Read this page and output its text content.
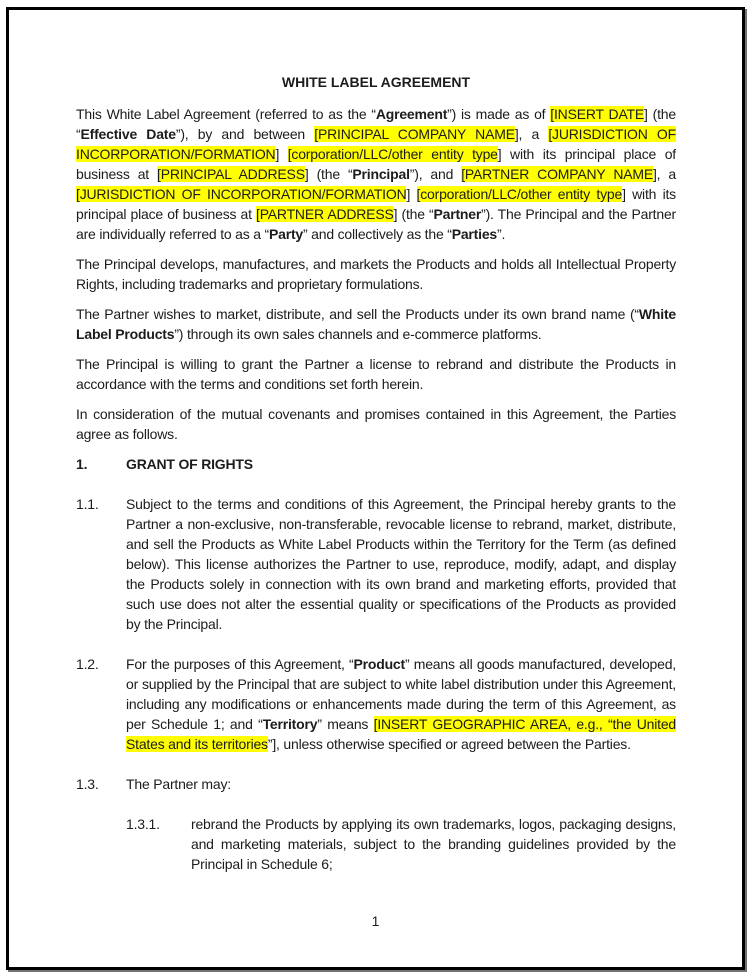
WHITE LABEL AGREEMENT
This White Label Agreement (referred to as the “Agreement”) is made as of [INSERT DATE] (the “Effective Date”), by and between [PRINCIPAL COMPANY NAME], a [JURISDICTION OF INCORPORATION/FORMATION] [corporation/LLC/other entity type] with its principal place of business at [PRINCIPAL ADDRESS] (the “Principal”), and [PARTNER COMPANY NAME], a [JURISDICTION OF INCORPORATION/FORMATION] [corporation/LLC/other entity type] with its principal place of business at [PARTNER ADDRESS] (the “Partner”). The Principal and the Partner are individually referred to as a “Party” and collectively as the “Parties”.
The Principal develops, manufactures, and markets the Products and holds all Intellectual Property Rights, including trademarks and proprietary formulations.
The Partner wishes to market, distribute, and sell the Products under its own brand name (“White Label Products”) through its own sales channels and e-commerce platforms.
The Principal is willing to grant the Partner a license to rebrand and distribute the Products in accordance with the terms and conditions set forth herein.
In consideration of the mutual covenants and promises contained in this Agreement, the Parties agree as follows.
1.	GRANT OF RIGHTS
1.1.	Subject to the terms and conditions of this Agreement, the Principal hereby grants to the Partner a non-exclusive, non-transferable, revocable license to rebrand, market, distribute, and sell the Products as White Label Products within the Territory for the Term (as defined below). This license authorizes the Partner to use, reproduce, modify, adapt, and display the Products solely in connection with its own brand and marketing efforts, provided that such use does not alter the essential quality or specifications of the Products as provided by the Principal.
1.2.	For the purposes of this Agreement, “Product” means all goods manufactured, developed, or supplied by the Principal that are subject to white label distribution under this Agreement, including any modifications or enhancements made during the term of this Agreement, as per Schedule 1; and “Territory” means [INSERT GEOGRAPHIC AREA, e.g., “the United States and its territories”], unless otherwise specified or agreed between the Parties.
1.3.	The Partner may:
1.3.1.	rebrand the Products by applying its own trademarks, logos, packaging designs, and marketing materials, subject to the branding guidelines provided by the Principal in Schedule 6;
1
